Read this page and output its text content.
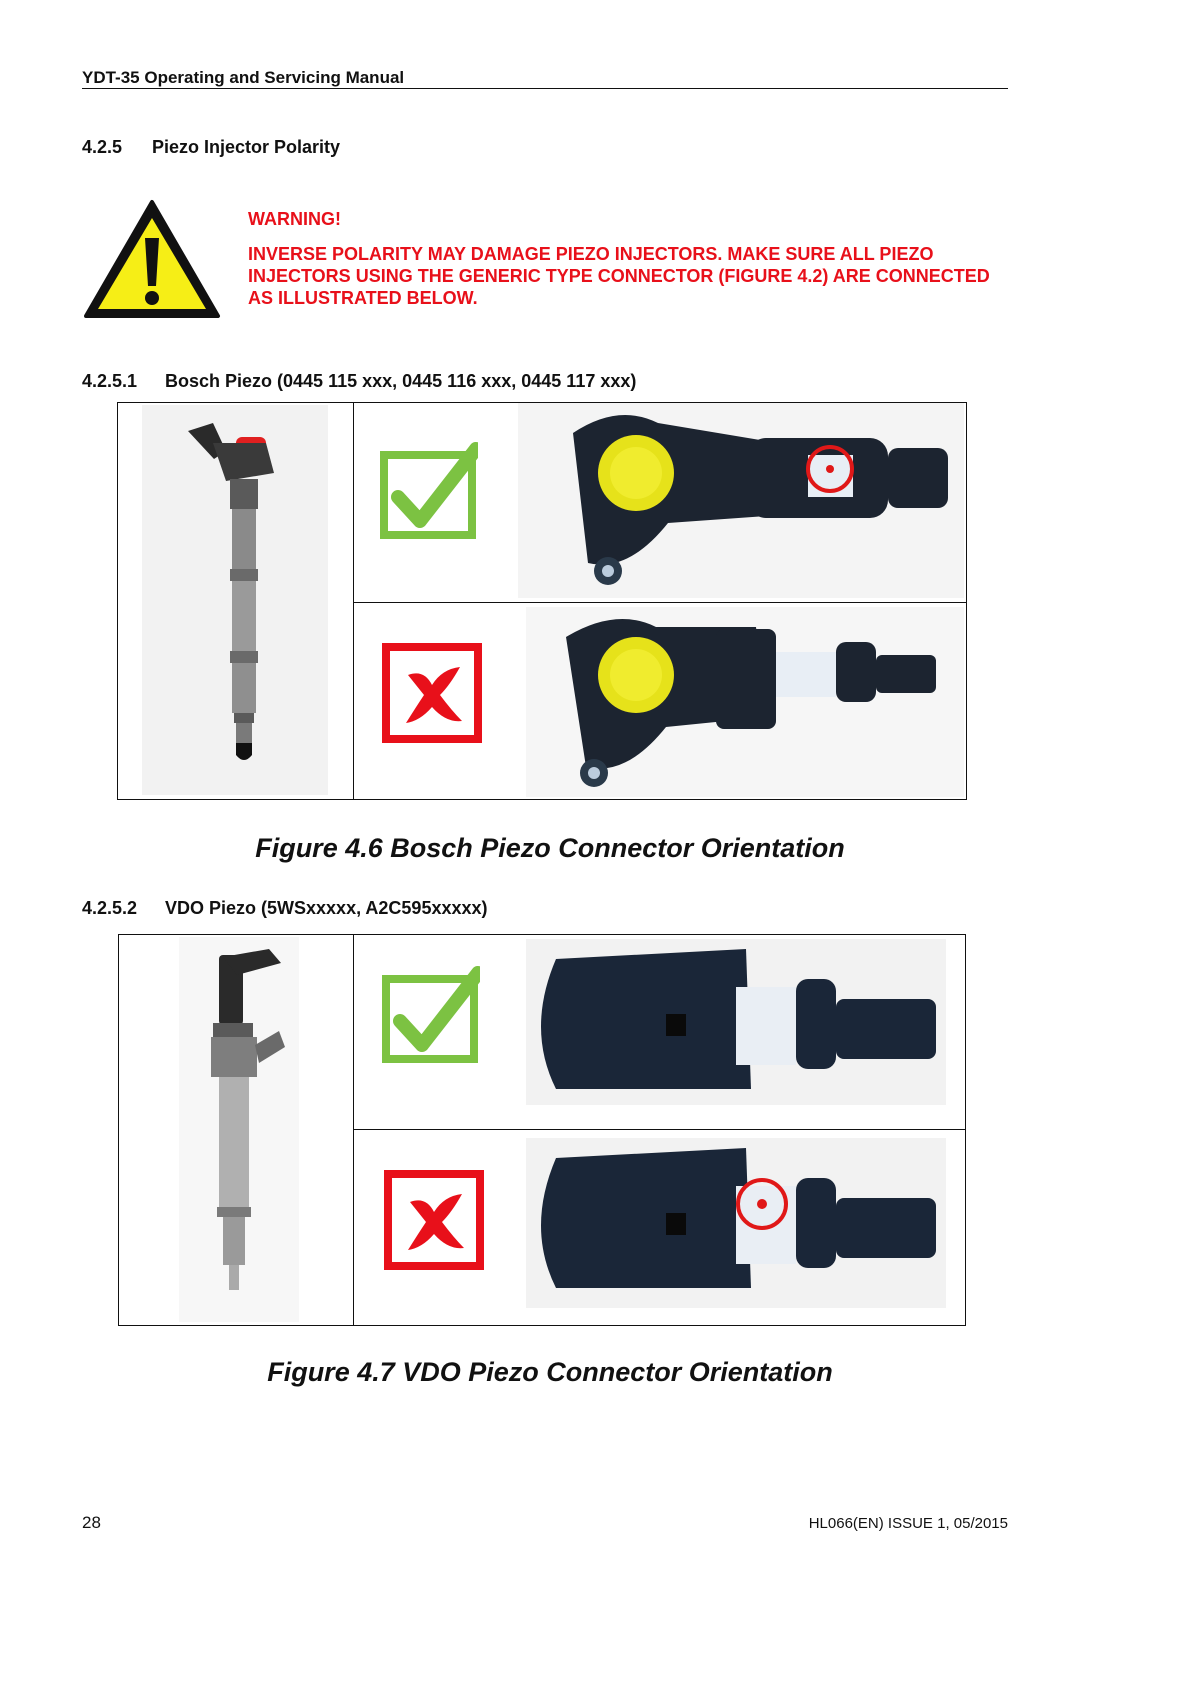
YDT-35 Operating and Servicing Manual
4.2.5 Piezo Injector Polarity
WARNING!
INVERSE POLARITY MAY DAMAGE PIEZO INJECTORS. MAKE SURE ALL PIEZO INJECTORS USING THE GENERIC TYPE CONNECTOR (FIGURE 4.2) ARE CONNECTED AS ILLUSTRATED BELOW.
4.2.5.1 Bosch Piezo (0445 115 xxx, 0445 116 xxx, 0445 117 xxx)
Figure 4.6 Bosch Piezo Connector Orientation
4.2.5.2 VDO Piezo (5WSxxxxx, A2C595xxxxx)
Figure 4.7 VDO Piezo Connector Orientation
28	HL066(EN) ISSUE 1, 05/2015
